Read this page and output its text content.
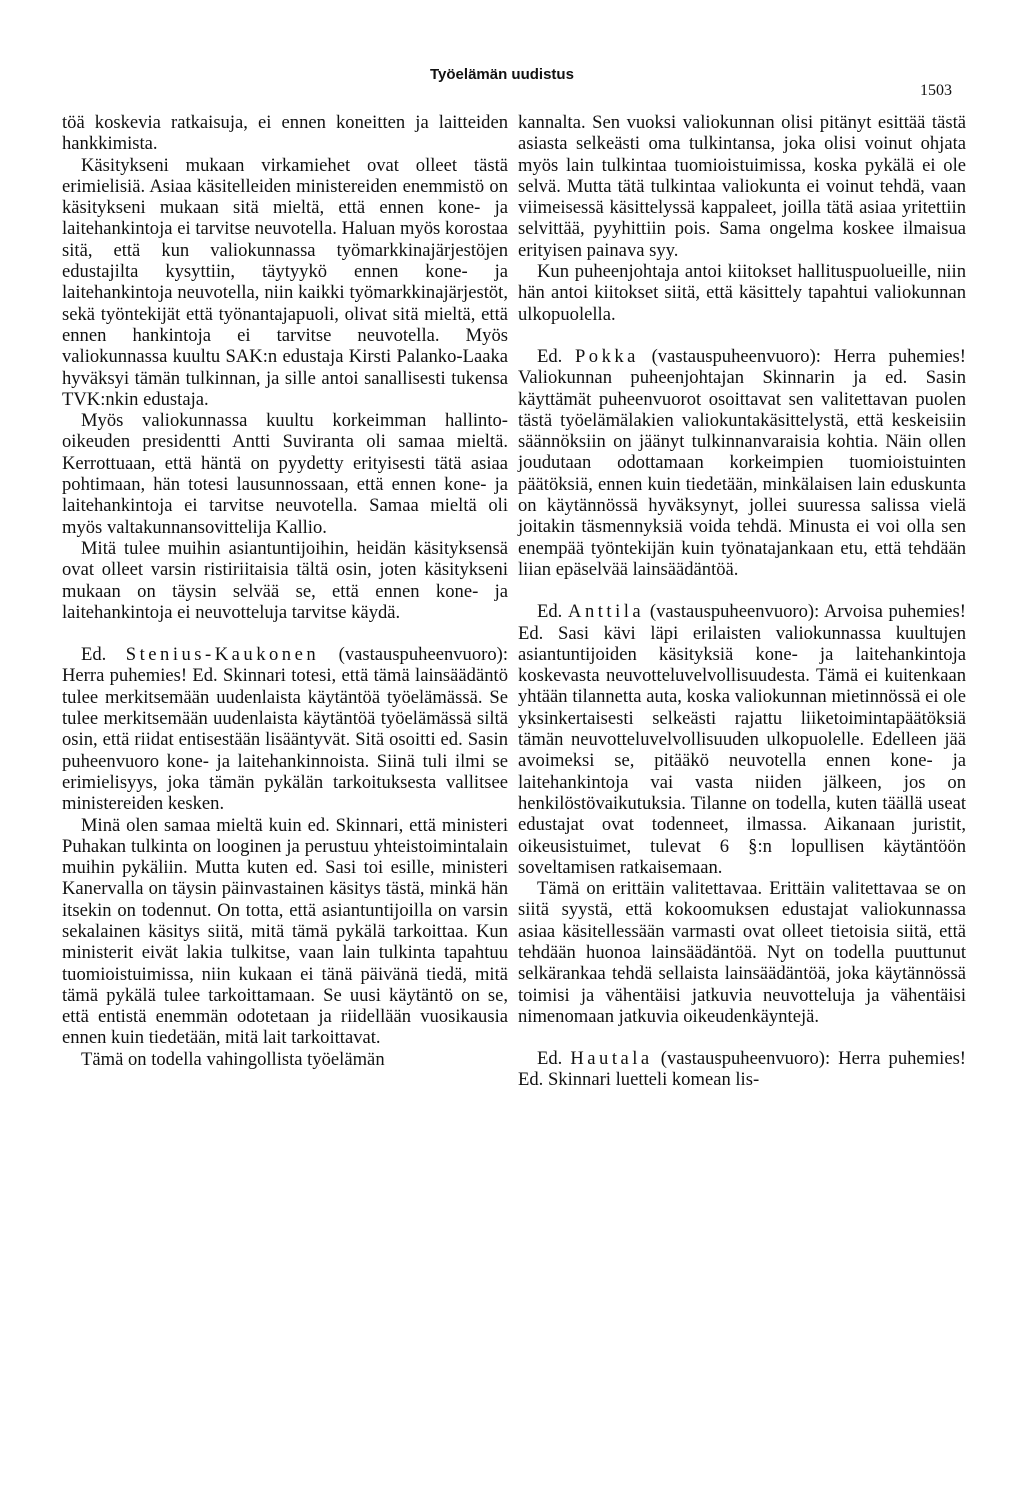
Työelämän uudistus
1503

töä koskevia ratkaisuja, ei ennen koneitten ja laitteiden hankkimista.

Käsitykseni mukaan virkamiehet ovat olleet tästä erimielisiä. Asiaa käsitelleiden ministereiden enemmistö on käsitykseni mukaan sitä mieltä, että ennen kone- ja laitehankintoja ei tarvitse neuvotella. Haluan myös korostaa sitä, että kun valiokunnassa työmarkkinajärjestöjen edustajilta kysyttiin, täytyykö ennen kone- ja laitehankintoja neuvotella, niin kaikki työmarkkinajärjestöt, sekä työntekijät että työnantajapuoli, olivat sitä mieltä, että ennen hankintoja ei tarvitse neuvotella. Myös valiokunnassa kuultu SAK:n edustaja Kirsti Palanko-Laaka hyväksyi tämän tulkinnan, ja sille antoi sanallisesti tukensa TVK:nkin edustaja.

Myös valiokunnassa kuultu korkeimman hallinto-oikeuden presidentti Antti Suviranta oli samaa mieltä. Kerrottuaan, että häntä on pyydetty erityisesti tätä asiaa pohtimaan, hän totesi lausunnossaan, että ennen kone- ja laitehankintoja ei tarvitse neuvotella. Samaa mieltä oli myös valtakunnansovittelija Kallio.

Mitä tulee muihin asiantuntijoihin, heidän käsityksensä ovat olleet varsin ristiriitaisia tältä osin, joten käsitykseni mukaan on täysin selvää se, että ennen kone- ja laitehankintoja ei neuvotteluja tarvitse käydä.

Ed. Stenius-Kaukonen (vastauspuheenvuoro): Herra puhemies! Ed. Skinnari totesi, että tämä lainsäädäntö tulee merkitsemään uudenlaista käytäntöä työelämässä. Se tulee merkitsemään uudenlaista käytäntöä työelämässä siltä osin, että riidat entisestään lisääntyvät. Sitä osoitti ed. Sasin puheenvuoro kone- ja laitehankinnoista. Siinä tuli ilmi se erimielisyys, joka tämän pykälän tarkoituksesta vallitsee ministereiden kesken.

Minä olen samaa mieltä kuin ed. Skinnari, että ministeri Puhakan tulkinta on looginen ja perustuu yhteistoimintalain muihin pykäliin. Mutta kuten ed. Sasi toi esille, ministeri Kanervalla on täysin päinvastainen käsitys tästä, minkä hän itsekin on todennut. On totta, että asiantuntijoilla on varsin sekalainen käsitys siitä, mitä tämä pykälä tarkoittaa. Kun ministerit eivät lakia tulkitse, vaan lain tulkinta tapahtuu tuomioistuimissa, niin kukaan ei tänä päivänä tiedä, mitä tämä pykälä tulee tarkoittamaan. Se uusi käytäntö on se, että entistä enemmän odotetaan ja riidellään vuosikausia ennen kuin tiedetään, mitä lait tarkoittavat.

Tämä on todella vahingollista työelämän

kannalta. Sen vuoksi valiokunnan olisi pitänyt esittää tästä asiasta selkeästi oma tulkintansa, joka olisi voinut ohjata myös lain tulkintaa tuomioistuimissa, koska pykälä ei ole selvä. Mutta tätä tulkintaa valiokunta ei voinut tehdä, vaan viimeisessä käsittelyssä kappaleet, joilla tätä asiaa yritettiin selvittää, pyyhittiin pois. Sama ongelma koskee ilmaisua erityisen painava syy.

Kun puheenjohtaja antoi kiitokset hallituspuolueille, niin hän antoi kiitokset siitä, että käsittely tapahtui valiokunnan ulkopuolella.

Ed. Pokka (vastauspuheenvuoro): Herra puhemies! Valiokunnan puheenjohtajan Skinnarin ja ed. Sasin käyttämät puheenvuorot osoittavat sen valitettavan puolen tästä työelämälakien valiokuntakäsittelystä, että keskeisiin säännöksiin on jäänyt tulkinnanvaraisia kohtia. Näin ollen joudutaan odottamaan korkeimpien tuomioistuinten päätöksiä, ennen kuin tiedetään, minkälaisen lain eduskunta on käytännössä hyväksynyt, jollei suuressa salissa vielä joitakin täsmennyksiä voida tehdä. Minusta ei voi olla sen enempää työntekijän kuin työnatajankaan etu, että tehdään liian epäselvää lainsäädäntöä.

Ed. Anttila (vastauspuheenvuoro): Arvoisa puhemies! Ed. Sasi kävi läpi erilaisten valiokunnassa kuultujen asiantuntijoiden käsityksiä kone- ja laitehankintoja koskevasta neuvotteluvelvollisuudesta. Tämä ei kuitenkaan yhtään tilannetta auta, koska valiokunnan mietinnössä ei ole yksinkertaisesti selkeästi rajattu liiketoimintapäätöksiä tämän neuvotteluvelvollisuuden ulkopuolelle. Edelleen jää avoimeksi se, pitääkö neuvotella ennen kone- ja laitehankintoja vai vasta niiden jälkeen, jos on henkilöstövaikutuksia. Tilanne on todella, kuten täällä useat edustajat ovat todenneet, ilmassa. Aikanaan juristit, oikeusistuimet, tulevat 6 §:n lopullisen käytäntöön soveltamisen ratkaisemaan.

Tämä on erittäin valitettavaa. Erittäin valitettavaa se on siitä syystä, että kokoomuksen edustajat valiokunnassa asiaa käsitellessään varmasti ovat olleet tietoisia siitä, että tehdään huonoa lainsäädäntöä. Nyt on todella puuttunut selkärankaa tehdä sellaista lainsäädäntöä, joka käytännössä toimisi ja vähentäisi jatkuvia neuvotteluja ja vähentäisi nimenomaan jatkuvia oikeudenkäyntejä.

Ed. Hautala (vastauspuheenvuoro): Herra puhemies! Ed. Skinnari luetteli komean lis-
